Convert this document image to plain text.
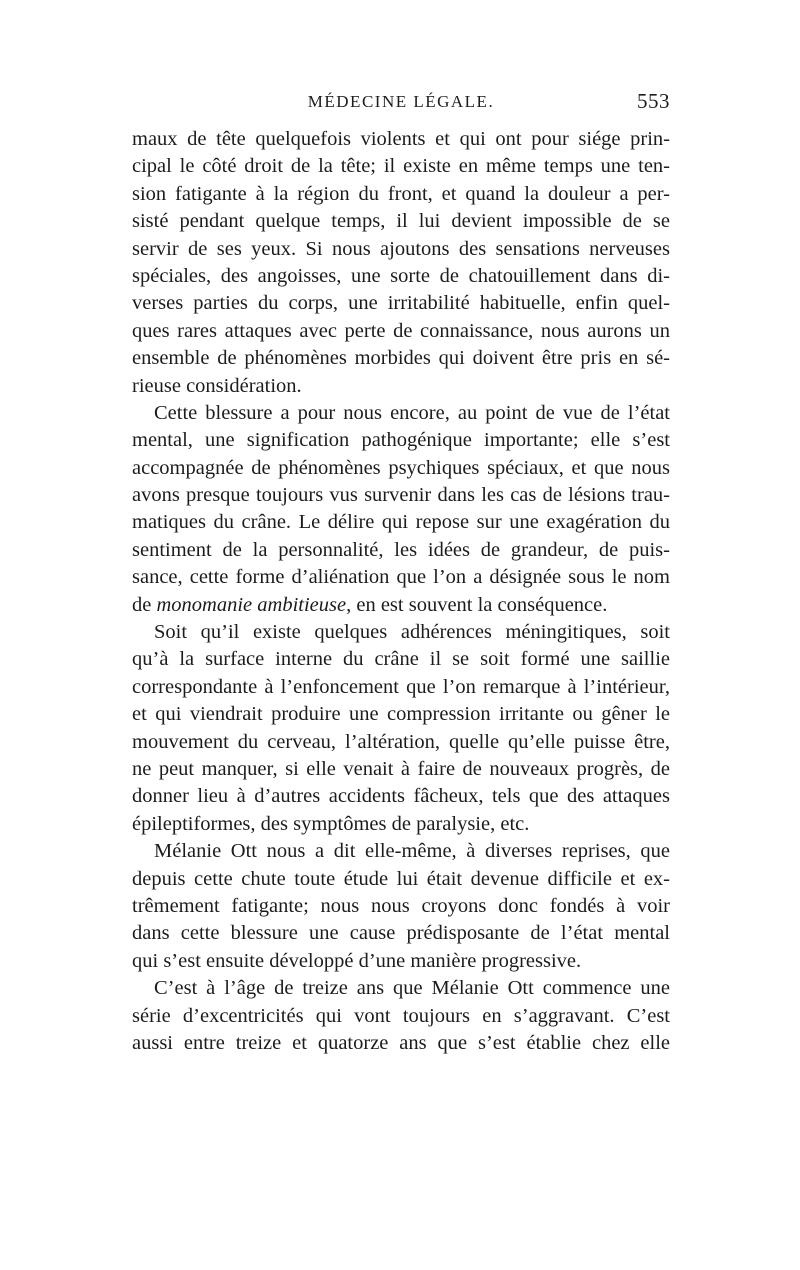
MÉDECINE LÉGALE.	553
maux de tête quelquefois violents et qui ont pour siége prin-
cipal le côté droit de la tête; il existe en même temps une ten-
sion fatigante à la région du front, et quand la douleur a per-
sisté pendant quelque temps, il lui devient impossible de se
servir de ses yeux. Si nous ajoutons des sensations nerveuses
spéciales, des angoisses, une sorte de chatouillement dans di-
verses parties du corps, une irritabilité habituelle, enfin quel-
ques rares attaques avec perte de connaissance, nous aurons un
ensemble de phénomènes morbides qui doivent être pris en sé-
rieuse considération.
Cette blessure a pour nous encore, au point de vue de l’état
mental, une signification pathogénique importante; elle s’est
accompagnée de phénomènes psychiques spéciaux, et que nous
avons presque toujours vus survenir dans les cas de lésions trau-
matiques du crâne. Le délire qui repose sur une exagération du
sentiment de la personnalité, les idées de grandeur, de puis-
sance, cette forme d’aliénation que l’on a désignée sous le nom
de monomanie ambitieuse, en est souvent la conséquence.
Soit qu’il existe quelques adhérences méningitiques, soit
qu’à la surface interne du crâne il se soit formé une saillie
correspondante à l’enfoncement que l’on remarque à l’intérieur,
et qui viendrait produire une compression irritante ou gêner le
mouvement du cerveau, l’altération, quelle qu’elle puisse être,
ne peut manquer, si elle venait à faire de nouveaux progrès, de
donner lieu à d’autres accidents fâcheux, tels que des attaques
épileptiformes, des symptômes de paralysie, etc.
Mélanie Ott nous a dit elle-même, à diverses reprises, que
depuis cette chute toute étude lui était devenue difficile et ex-
trêmement fatigante; nous nous croyons donc fondés à voir
dans cette blessure une cause prédisposante de l’état mental
qui s’est ensuite développé d’une manière progressive.
C’est à l’âge de treize ans que Mélanie Ott commence une
série d’excentricités qui vont toujours en s’aggravant. C’est
aussi entre treize et quatorze ans que s’est établie chez elle
